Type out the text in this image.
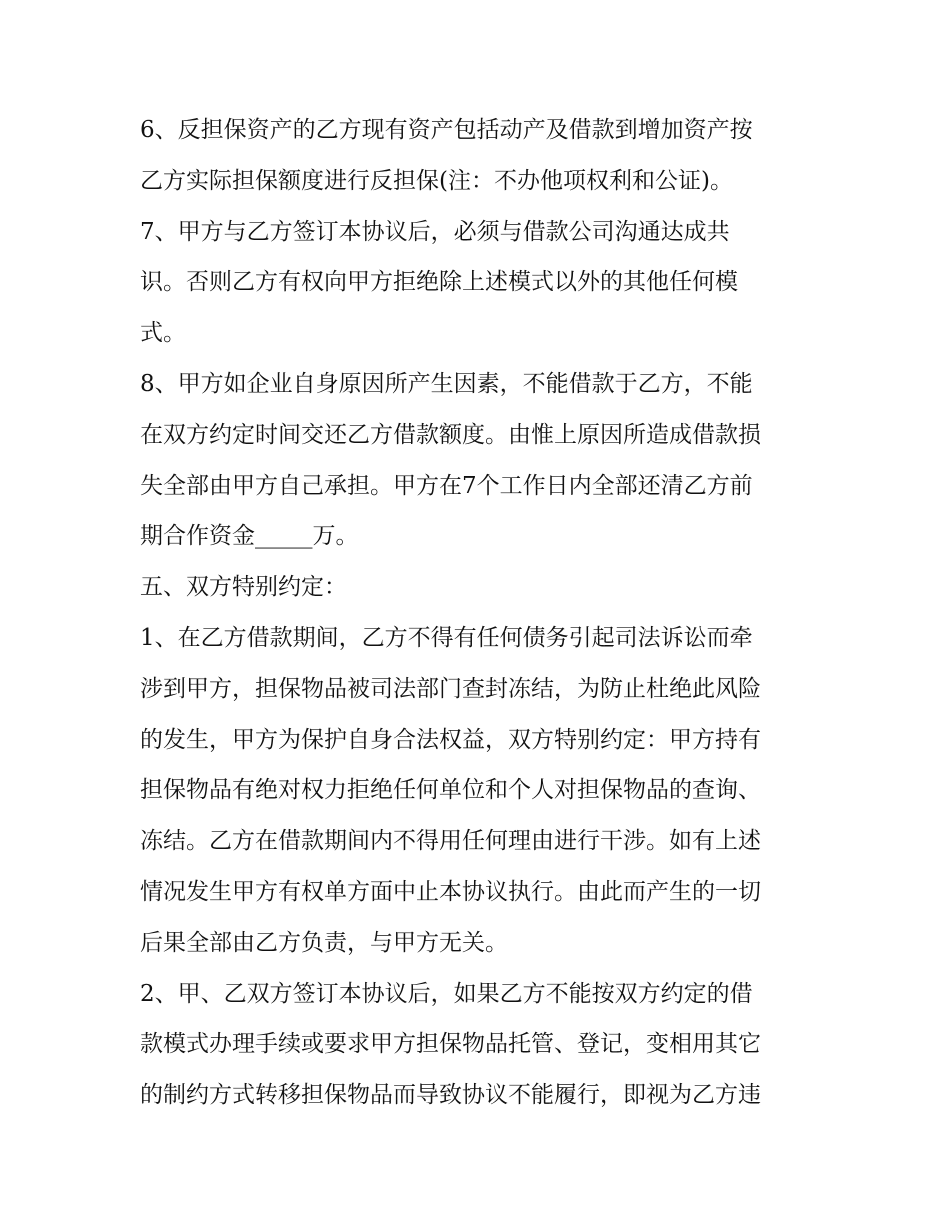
6、反担保资产的乙方现有资产包括动产及借款到增加资产按
乙方实际担保额度进行反担保(注：不办他项权利和公证)。
7、甲方与乙方签订本协议后，必须与借款公司沟通达成共
识。否则乙方有权向甲方拒绝除上述模式以外的其他任何模
式。
8、甲方如企业自身原因所产生因素，不能借款于乙方，不能
在双方约定时间交还乙方借款额度。由惟上原因所造成借款损
失全部由甲方自己承担。甲方在7个工作日内全部还清乙方前
期合作资金_____万。
五、双方特别约定：
1、在乙方借款期间，乙方不得有任何债务引起司法诉讼而牵
涉到甲方，担保物品被司法部门查封冻结，为防止杜绝此风险
的发生，甲方为保护自身合法权益，双方特别约定：甲方持有
担保物品有绝对权力拒绝任何单位和个人对担保物品的查询、
冻结。乙方在借款期间内不得用任何理由进行干涉。如有上述
情况发生甲方有权单方面中止本协议执行。由此而产生的一切
后果全部由乙方负责，与甲方无关。
2、甲、乙双方签订本协议后，如果乙方不能按双方约定的借
款模式办理手续或要求甲方担保物品托管、登记，变相用其它
的制约方式转移担保物品而导致协议不能履行，即视为乙方违
